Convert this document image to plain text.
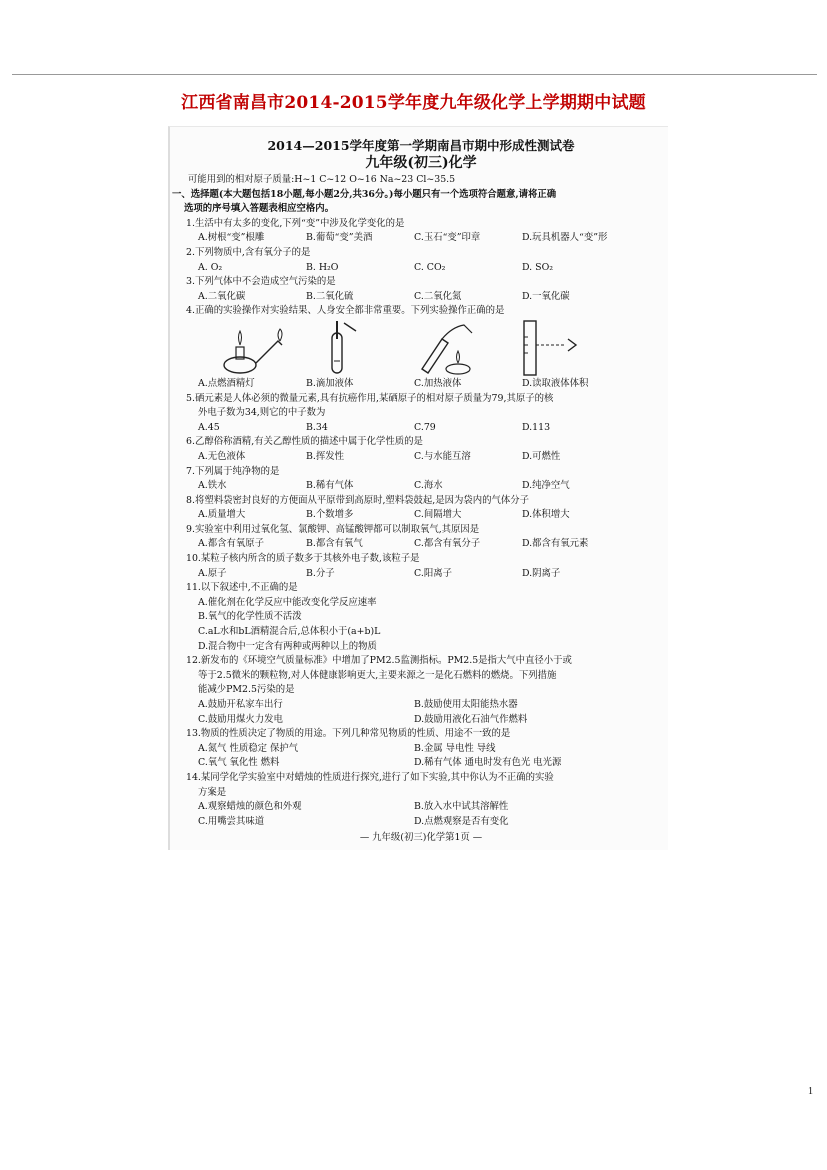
江西省南昌市2014-2015学年度九年级化学上学期期中试题
2014—2015学年度第一学期南昌市期中形成性测试卷
九年级(初三)化学
可能用到的相对原子质量:H~1 C~12 O~16 Na~23 Cl~35.5
一、选择题(本大题包括18小题,每小题2分,共36分。)每小题只有一个选项符合题意,请将正确
选项的序号填入答题表相应空格内。
1.生活中有太多的变化,下列“变”中涉及化学变化的是
A.树根“变”根雕	B.葡萄“变”美酒	C.玉石“变”印章	D.玩具机器人“变”形
2.下列物质中,含有氧分子的是
A. O₂	B. H₂O	C. CO₂	D. SO₂
3.下列气体中不会造成空气污染的是
A.二氧化碳	B.二氧化硫	C.二氧化氮	D.一氧化碳
4.正确的实验操作对实验结果、人身安全都非常重要。下列实验操作正确的是
A.点燃酒精灯	B.滴加液体	C.加热液体	D.读取液体体积
5.硒元素是人体必须的微量元素,具有抗癌作用,某硒原子的相对原子质量为79,其原子的核
外电子数为34,则它的中子数为
A.45	B.34	C.79	D.113
6.乙醇俗称酒精,有关乙醇性质的描述中属于化学性质的是
A.无色液体	B.挥发性	C.与水能互溶	D.可燃性
7.下列属于纯净物的是
A.铁水	B.稀有气体	C.海水	D.纯净空气
8.将塑料袋密封良好的方便面从平原带到高原时,塑料袋鼓起,是因为袋内的气体分子
A.质量增大	B.个数增多	C.间隔增大	D.体积增大
9.实验室中利用过氧化氢、氯酸钾、高锰酸钾都可以制取氧气,其原因是
A.都含有氧原子	B.都含有氧气	C.都含有氧分子	D.都含有氧元素
10.某粒子核内所含的质子数多于其核外电子数,该粒子是
A.原子	B.分子	C.阳离子	D.阴离子
11.以下叙述中,不正确的是
A.催化剂在化学反应中能改变化学反应速率
B.氧气的化学性质不活泼
C.aL水和bL酒精混合后,总体积小于(a+b)L
D.混合物中一定含有两种或两种以上的物质
12.新发布的《环境空气质量标准》中增加了PM2.5监测指标。PM2.5是指大气中直径小于或
等于2.5微米的颗粒物,对人体健康影响更大,主要来源之一是化石燃料的燃烧。下列措施
能减少PM2.5污染的是
A.鼓励开私家车出行	B.鼓励使用太阳能热水器
C.鼓励用煤火力发电	D.鼓励用液化石油气作燃料
13.物质的性质决定了物质的用途。下列几种常见物质的性质、用途不一致的是
A.氮气 性质稳定 保护气	B.金属 导电性 导线
C.氧气 氧化性 燃料	D.稀有气体 通电时发有色光 电光源
14.某同学化学实验室中对蜡烛的性质进行探究,进行了如下实验,其中你认为不正确的实验
方案是
A.观察蜡烛的颜色和外观	B.放入水中试其溶解性
C.用嘴尝其味道	D.点燃观察是否有变化
— 九年级(初三)化学第1页 —
1
